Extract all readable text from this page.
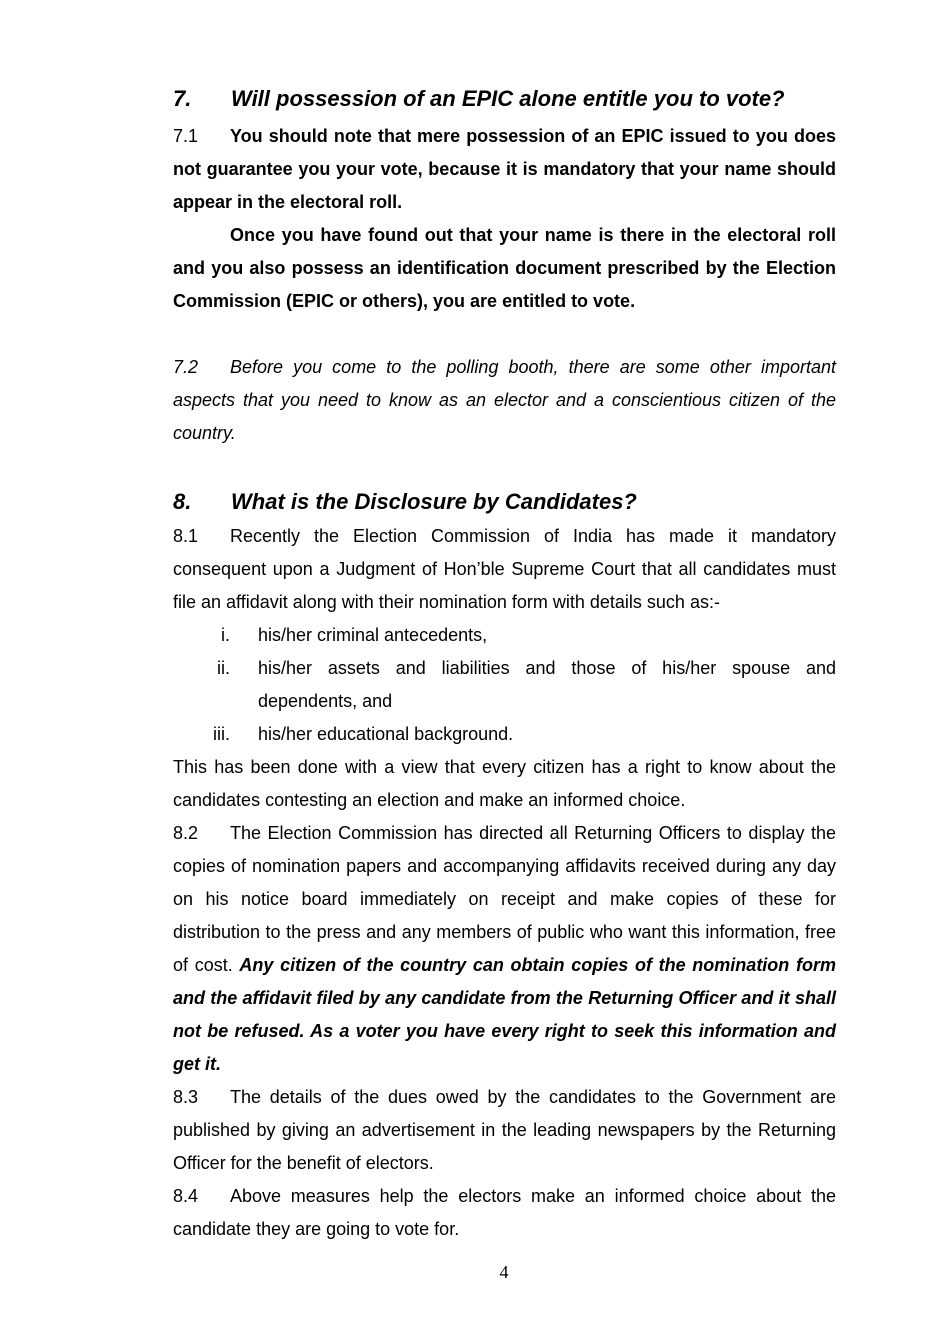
7. Will possession of an EPIC alone entitle you to vote?

7.1 You should note that mere possession of an EPIC issued to you does not guarantee you your vote, because it is mandatory that your name should appear in the electoral roll.

Once you have found out that your name is there in the electoral roll and you also possess an identification document prescribed by the Election Commission (EPIC or others), you are entitled to vote.

7.2 Before you come to the polling booth, there are some other important aspects that you need to know as an elector and a conscientious citizen of the country.

8. What is the Disclosure by Candidates?

8.1 Recently the Election Commission of India has made it mandatory consequent upon a Judgment of Hon’ble Supreme Court that all candidates must file an affidavit along with their nomination form with details such as:-

i. his/her criminal antecedents,
ii. his/her assets and liabilities and those of his/her spouse and dependents, and
iii. his/her educational background.

This has been done with a view that every citizen has a right to know about the candidates contesting an election and make an informed choice.

8.2 The Election Commission has directed all Returning Officers to display the copies of nomination papers and accompanying affidavits received during any day on his notice board immediately on receipt and make copies of these for distribution to the press and any members of public who want this information, free of cost. Any citizen of the country can obtain copies of the nomination form and the affidavit filed by any candidate from the Returning Officer and it shall not be refused. As a voter you have every right to seek this information and get it.

8.3 The details of the dues owed by the candidates to the Government are published by giving an advertisement in the leading newspapers by the Returning Officer for the benefit of electors.

8.4 Above measures help the electors make an informed choice about the candidate they are going to vote for.

4
